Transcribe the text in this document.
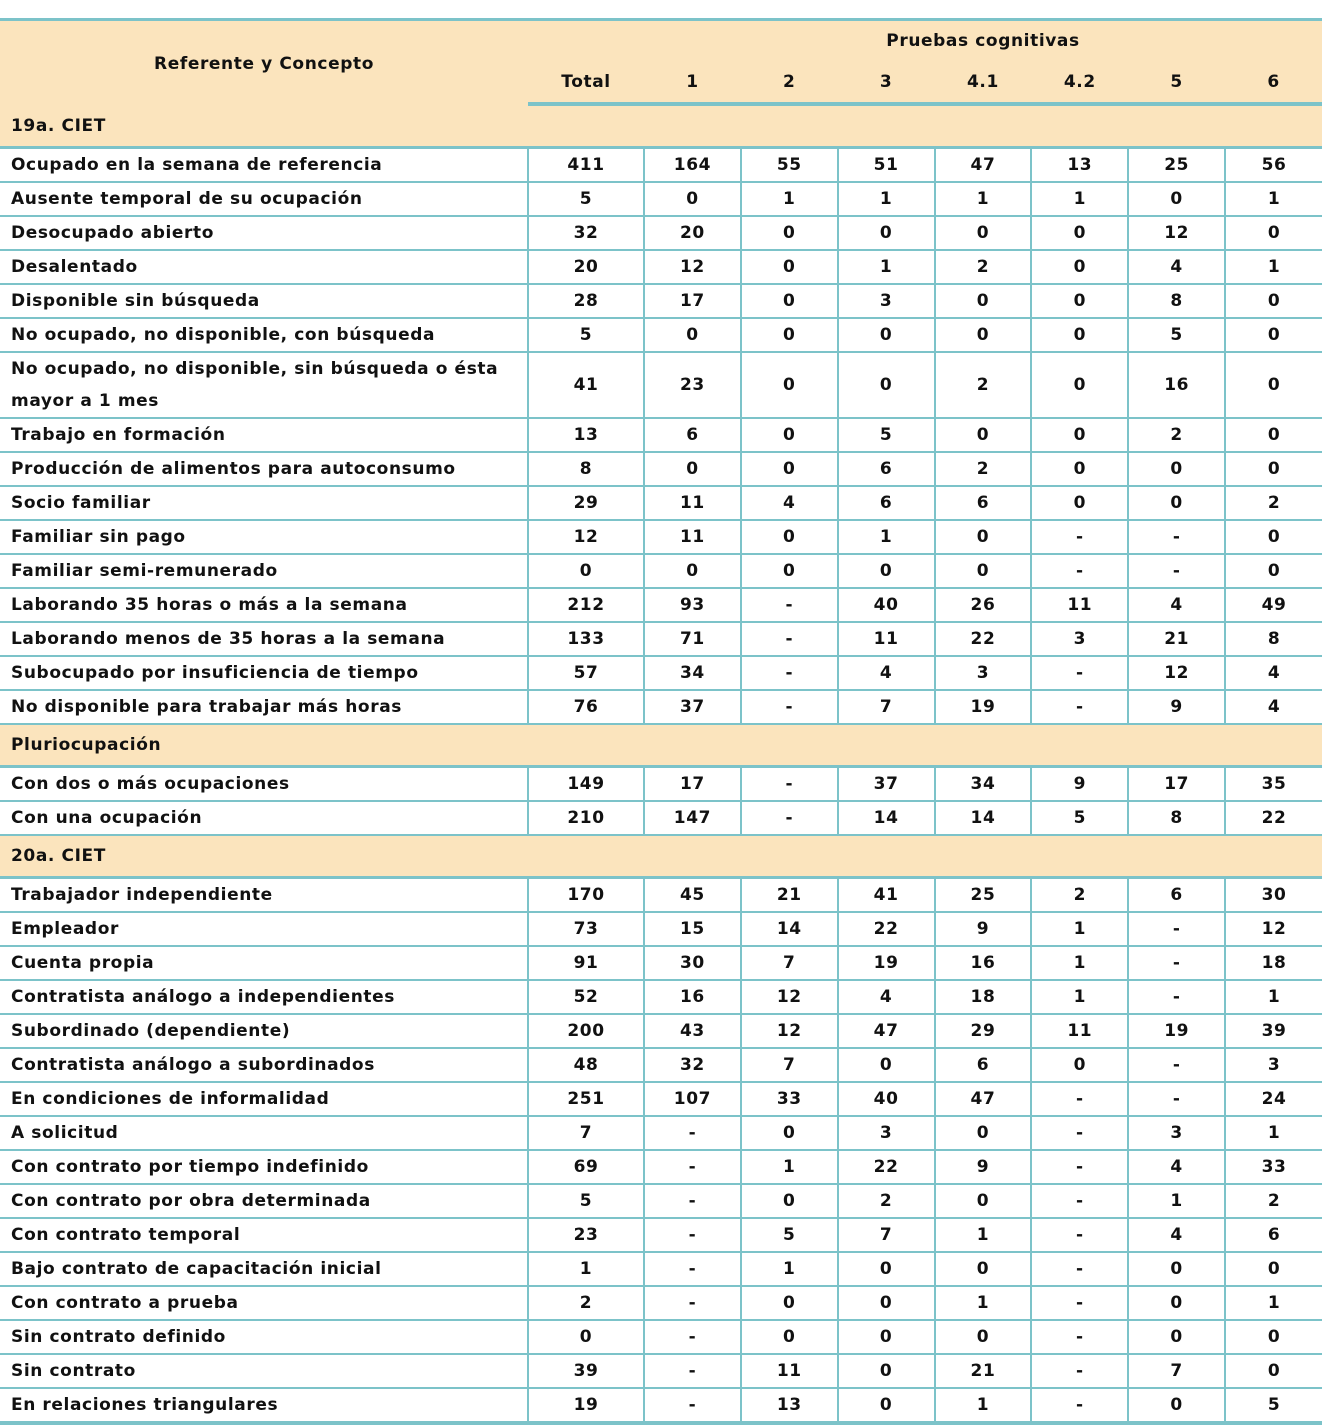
Referente y Concepto		Pruebas cognitivas						
	Total	1	2	3	4.1	4.2	5	6
19a. CIET								
Ocupado en la semana de referencia	411	164	55	51	47	13	25	56
Ausente temporal de su ocupación	5	0	1	1	1	1	0	1
Desocupado abierto	32	20	0	0	0	0	12	0
Desalentado	20	12	0	1	2	0	4	1
Disponible sin búsqueda	28	17	0	3	0	0	8	0
No ocupado, no disponible, con búsqueda	5	0	0	0	0	0	5	0
No ocupado, no disponible, sin búsqueda o ésta mayor a 1 mes	41	23	0	0	2	0	16	0
Trabajo en formación	13	6	0	5	0	0	2	0
Producción de alimentos para autoconsumo	8	0	0	6	2	0	0	0
Socio familiar	29	11	4	6	6	0	0	2
Familiar sin pago	12	11	0	1	0	-	-	0
Familiar semi-remunerado	0	0	0	0	0	-	-	0
Laborando 35 horas o más a la semana	212	93	-	40	26	11	4	49
Laborando menos de 35 horas a la semana	133	71	-	11	22	3	21	8
Subocupado por insuficiencia de tiempo	57	34	-	4	3	-	12	4
No disponible para trabajar más horas	76	37	-	7	19	-	9	4
Pluriocupación								
Con dos o más ocupaciones	149	17	-	37	34	9	17	35
Con una ocupación	210	147	-	14	14	5	8	22
20a. CIET								
Trabajador independiente	170	45	21	41	25	2	6	30
Empleador	73	15	14	22	9	1	-	12
Cuenta propia	91	30	7	19	16	1	-	18
Contratista análogo a independientes	52	16	12	4	18	1	-	1
Subordinado (dependiente)	200	43	12	47	29	11	19	39
Contratista análogo a subordinados	48	32	7	0	6	0	-	3
En condiciones de informalidad	251	107	33	40	47	-	-	24
A solicitud	7	-	0	3	0	-	3	1
Con contrato por tiempo indefinido	69	-	1	22	9	-	4	33
Con contrato por obra determinada	5	-	0	2	0	-	1	2
Con contrato temporal	23	-	5	7	1	-	4	6
Bajo contrato de capacitación inicial	1	-	1	0	0	-	0	0
Con contrato a prueba	2	-	0	0	1	-	0	1
Sin contrato definido	0	-	0	0	0	-	0	0
Sin contrato	39	-	11	0	21	-	7	0
En relaciones triangulares	19	-	13	0	1	-	0	5
